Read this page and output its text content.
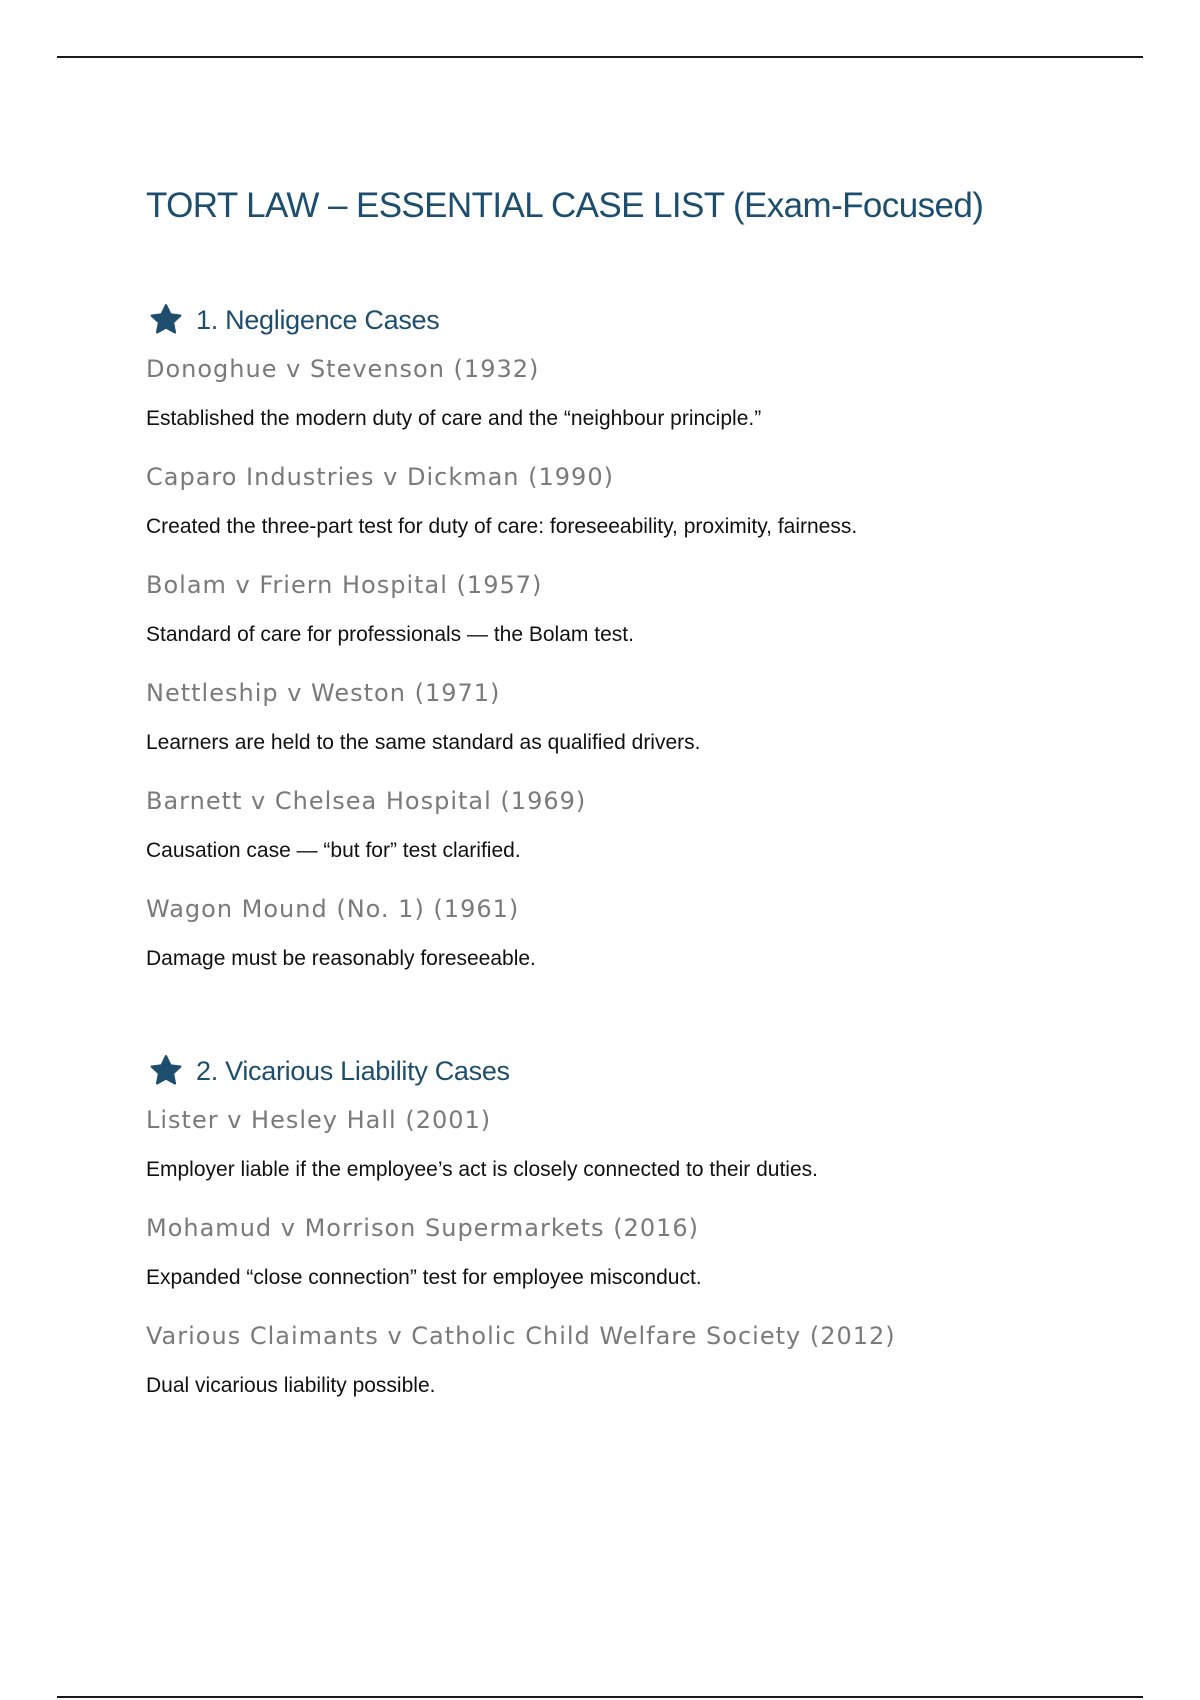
TORT LAW – ESSENTIAL CASE LIST (Exam-Focused)
1. Negligence Cases
Donoghue v Stevenson (1932)
Established the modern duty of care and the “neighbour principle.”
Caparo Industries v Dickman (1990)
Created the three-part test for duty of care: foreseeability, proximity, fairness.
Bolam v Friern Hospital (1957)
Standard of care for professionals — the Bolam test.
Nettleship v Weston (1971)
Learners are held to the same standard as qualified drivers.
Barnett v Chelsea Hospital (1969)
Causation case — “but for” test clarified.
Wagon Mound (No. 1) (1961)
Damage must be reasonably foreseeable.
2. Vicarious Liability Cases
Lister v Hesley Hall (2001)
Employer liable if the employee’s act is closely connected to their duties.
Mohamud v Morrison Supermarkets (2016)
Expanded “close connection” test for employee misconduct.
Various Claimants v Catholic Child Welfare Society (2012)
Dual vicarious liability possible.
